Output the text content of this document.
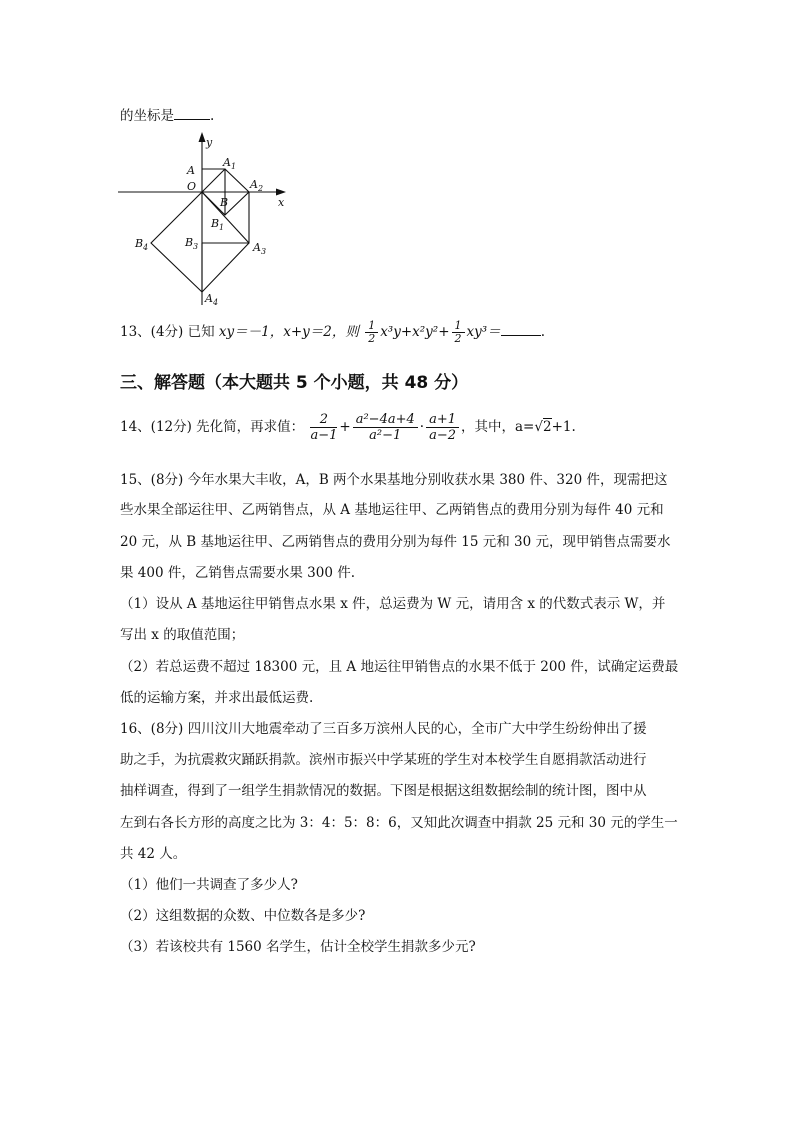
的坐标是	.
y
x
O
A
A 1
A 2
B
B 1
B 3	A 3
B 4
A 4
13、(4分) 已知 xy＝－1，x+y＝2，则 $\frac{1}{2} x^3y+x^2y^2+ \frac{1}{2} xy^3=$	.
三、解答题（本大题共 5 个小题，共 48 分）
14、(12分) 先化简，再求值： $\frac{2}{a-1} + \frac{\text{a²−4a+4}}{\text{a²−1}} \cdot \frac{a+1}{a-2}$ ，其中，a=√2+1.
15、(8分) 今年水果大丰收，A，B 两个水果基地分别收获水果 380 件、320 件，现需把这
些水果全部运往甲、乙两销售点，从 A 基地运往甲、乙两销售点的费用分别为每件 40 元和
20 元，从 B 基地运往甲、乙两销售点的费用分别为每件 15 元和 30 元，现甲销售点需要水
果 400 件，乙销售点需要水果 300 件.
（1）设从 A 基地运往甲销售点水果 x 件，总运费为 W 元，请用含 x 的代数式表示 W，并
写出 x 的取值范围；
（2）若总运费不超过 18300 元，且 A 地运往甲销售点的水果不低于 200 件，试确定运费最
低的运输方案，并求出最低运费.
16、(8分) 四川汶川大地震牵动了三百多万滨州人民的心，全市广大中学生纷纷伸出了援
助之手，为抗震救灾踊跃捐款。滨州市振兴中学某班的学生对本校学生自愿捐款活动进行
抽样调查，得到了一组学生捐款情况的数据。下图是根据这组数据绘制的统计图，图中从
左到右各长方形的高度之比为 3：4：5：8：6，又知此次调查中捐款 25 元和 30 元的学生一
共 42 人。
（1）他们一共调查了多少人?
（2）这组数据的众数、中位数各是多少?
（3）若该校共有 1560 名学生，估计全校学生捐款多少元?
